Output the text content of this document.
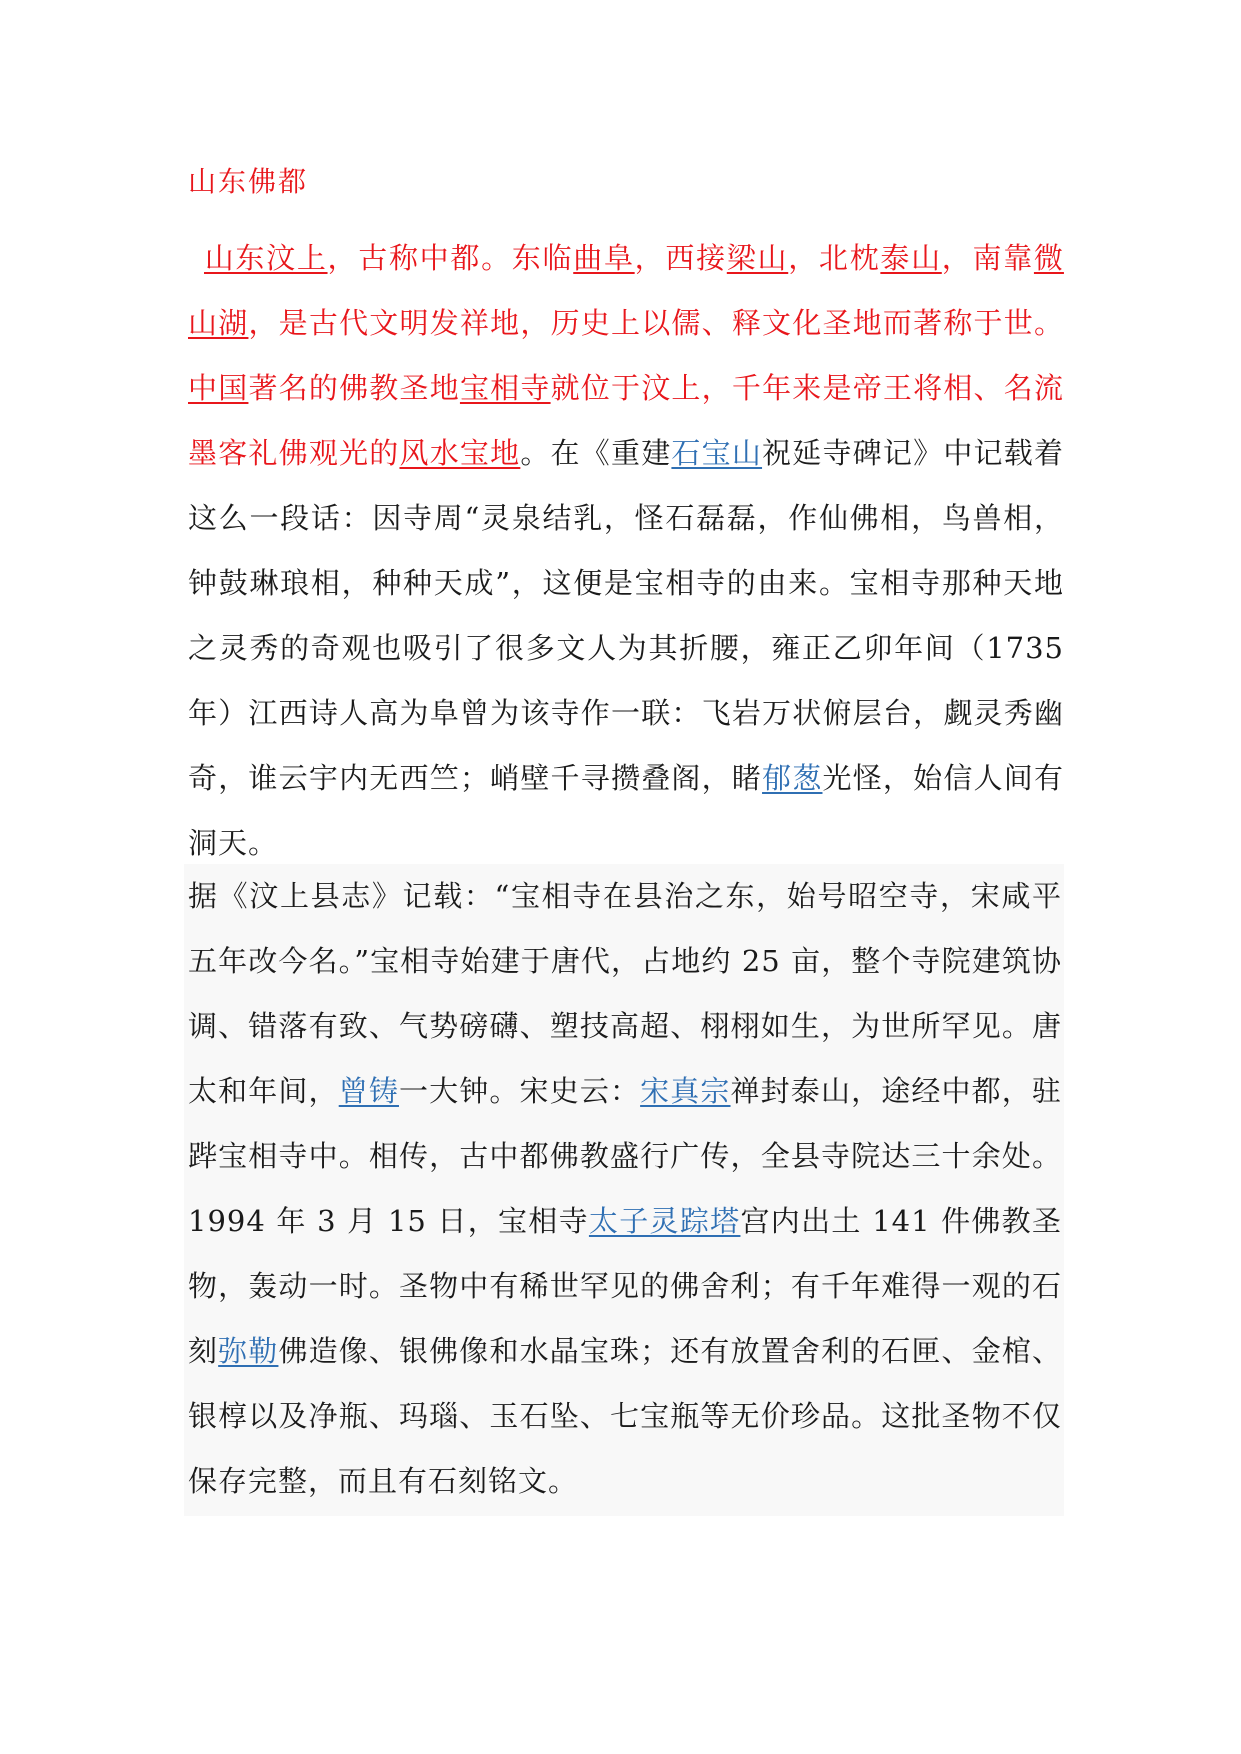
山东佛都

山东汶上，古称中都。东临曲阜，西接梁山，北枕泰山，南靠微山湖，是古代文明发祥地，历史上以儒、释文化圣地而著称于世。中国著名的佛教圣地宝相寺就位于汶上，千年来是帝王将相、名流墨客礼佛观光的风水宝地。在《重建石宝山祝延寺碑记》中记载着这么一段话：因寺周“灵泉结乳，怪石磊磊，作仙佛相，鸟兽相，钟鼓琳琅相，种种天成”，这便是宝相寺的由来。宝相寺那种天地之灵秀的奇观也吸引了很多文人为其折腰，雍正乙卯年间（1735 年）江西诗人高为阜曾为该寺作一联：飞岩万状俯层台，觑灵秀幽奇，谁云宇内无西竺；峭壁千寻攒叠阁，睹郁葱光怪，始信人间有洞天。

据《汶上县志》记载：“宝相寺在县治之东，始号昭空寺，宋咸平五年改今名。”宝相寺始建于唐代，占地约 25 亩，整个寺院建筑协调、错落有致、气势磅礴、塑技高超、栩栩如生，为世所罕见。唐太和年间，曾铸一大钟。宋史云：宋真宗禅封泰山，途经中都，驻跸宝相寺中。相传，古中都佛教盛行广传，全县寺院达三十余处。1994 年 3 月 15 日，宝相寺太子灵踪塔宫内出土 141 件佛教圣物，轰动一时。圣物中有稀世罕见的佛舍利；有千年难得一观的石刻弥勒佛造像、银佛像和水晶宝珠；还有放置舍利的石匣、金棺、银椁以及净瓶、玛瑙、玉石坠、七宝瓶等无价珍品。这批圣物不仅保存完整，而且有石刻铭文。
